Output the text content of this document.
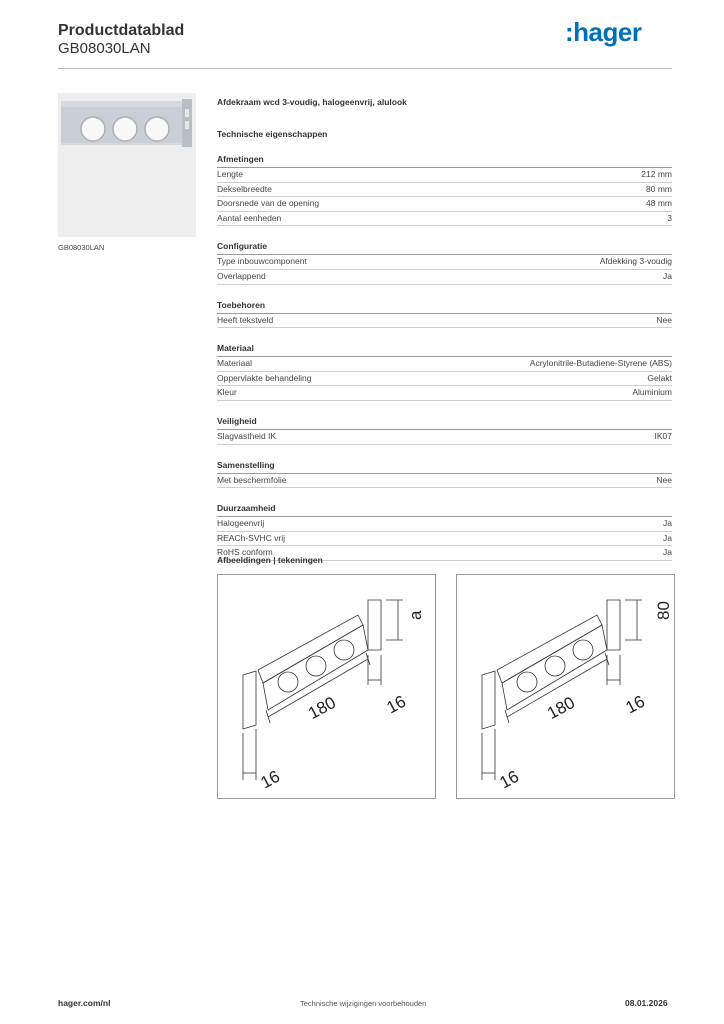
Productdatablad
GB08030LAN
:hager
GB08030LAN
Afdekraam wcd 3-voudig, halogeenvrij, alulook
Technische eigenschappen
Afmetingen
Lengte	212 mm
Dekselbreedte	80 mm
Doorsnede van de opening	48 mm
Aantal eenheden	3
Configuratie
Type inbouwcomponent	Afdekking 3-voudig
Overlappend	Ja
Toebehoren
Heeft tekstveld	Nee
Materiaal
Materiaal	Acrylonitrile-Butadiene-Styrene (ABS)
Oppervlakte behandeling	Gelakt
Kleur	Aluminium
Veiligheid
Slagvastheid IK	IK07
Samenstelling
Met beschermfolie	Nee
Duurzaamheid
Halogeenvrij	Ja
REACh-SVHC vrij	Ja
RoHS conform	Ja
Afbeeldingen | tekeningen
180	16
16
a
180	16
16
80
hager.com/nl	Technische wijzigingen voorbehouden	08.01.2026
